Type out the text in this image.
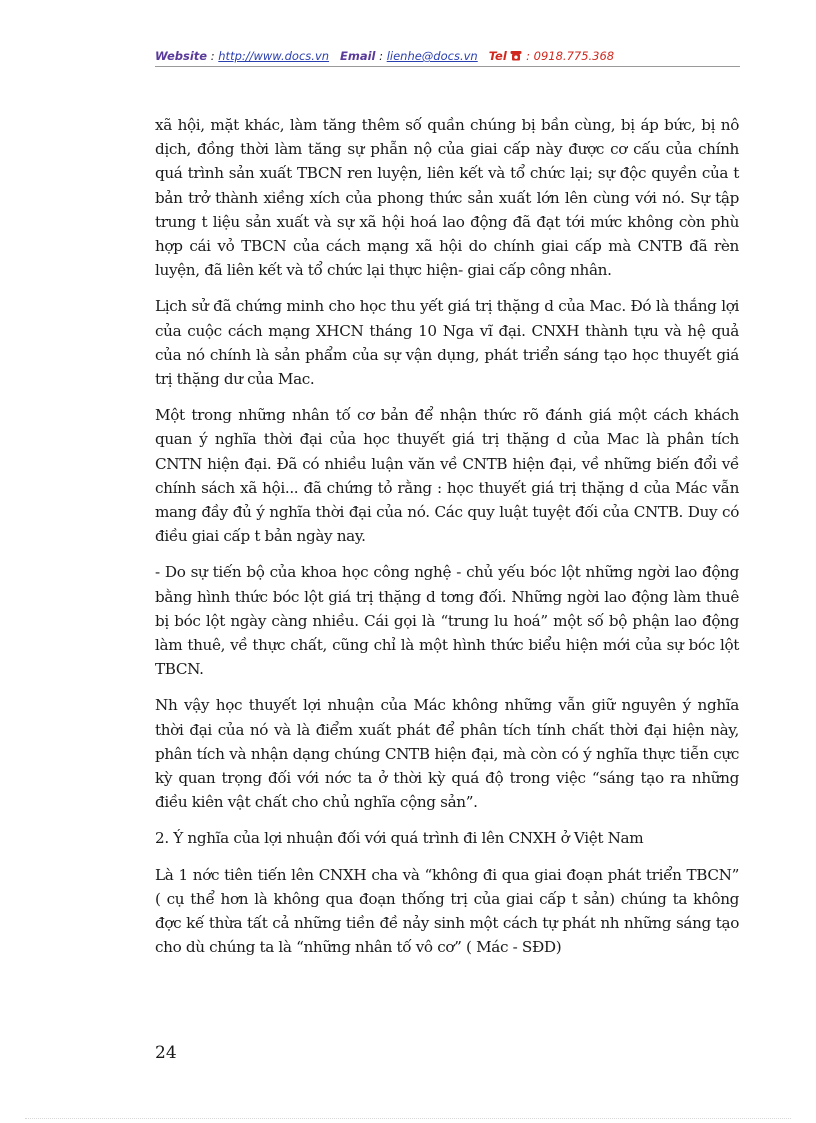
Website : http://www.docs.vn Email : lienhe@docs.vn Tel  : 0918.775.368

xã hội, mặt khác, làm tăng thêm số quần chúng bị bần cùng, bị áp bức, bị nô dịch, đồng thời làm tăng sự phẫn nộ của giai cấp này được cơ cấu của chính quá trình sản xuất TBCN ren luyện, liên kết và tổ chức lại; sự độc quyền của t bản trở thành xiềng xích của phong thức sản xuất lớn lên cùng với nó. Sự tập trung t liệu sản xuất và sự xã hội hoá lao động đã đạt tới mức không còn phù hợp cái vỏ TBCN của cách mạng xã hội do chính giai cấp mà CNTB đã rèn luyện, đã liên kết và tổ chức lại thực hiện- giai cấp công nhân.

Lịch sử đã chứng minh cho học thu yết giá trị thặng d của Mac. Đó là thắng lợi của cuộc cách mạng XHCN tháng 10 Nga vĩ đại. CNXH thành tựu và hệ quả của nó chính là sản phẩm của sự vận dụng, phát triển sáng tạo học thuyết giá trị thặng dư của Mac.

Một trong những nhân tố cơ bản để nhận thức rõ đánh giá một cách khách quan ý nghĩa thời đại của học thuyết giá trị thặng d của Mac là phân tích CNTN hiện đại. Đã có nhiều luận văn về CNTB hiện đại, về những biến đổi về chính sách xã hội... đã chứng tỏ rằng : học thuyết giá trị thặng d của Mác vẫn mang đầy đủ ý nghĩa thời đại của nó. Các quy luật tuyệt đối của CNTB. Duy có điều giai cấp t bản ngày nay.

- Do sự tiến bộ của khoa học công nghệ - chủ yếu bóc lột những ngời lao động bằng hình thức bóc lột giá trị thặng d tơng đối. Những ngời lao động làm thuê bị bóc lột ngày càng nhiều. Cái gọi là “trung lu hoá” một số bộ phận lao động làm thuê, về thực chất, cũng chỉ là một hình thức biểu hiện mới của sự bóc lột TBCN.

Nh vậy học thuyết lợi nhuận của Mác không những vẫn giữ nguyên ý nghĩa thời đại của nó và là điểm xuất phát để phân tích tính chất thời đại hiện này, phân tích và nhận dạng chúng CNTB hiện đại, mà còn có ý nghĩa thực tiễn cực kỳ quan trọng đối với nớc ta ở thời kỳ quá độ trong việc “sáng tạo ra những điều kiên vật chất cho chủ nghĩa cộng sản”.

2. Ý nghĩa của lợi nhuận đối với quá trình đi lên CNXH ở Việt Nam

Là 1 nớc tiên tiến lên CNXH cha và “không đi qua giai đoạn phát triển TBCN” ( cụ thể hơn là không qua đoạn thống trị của giai cấp t sản) chúng ta không đợc kế thừa tất cả những tiền đề nảy sinh một cách tự phát nh những sáng tạo cho dù chúng ta là “những nhân tố vô cơ” ( Mác - SĐD)

24
